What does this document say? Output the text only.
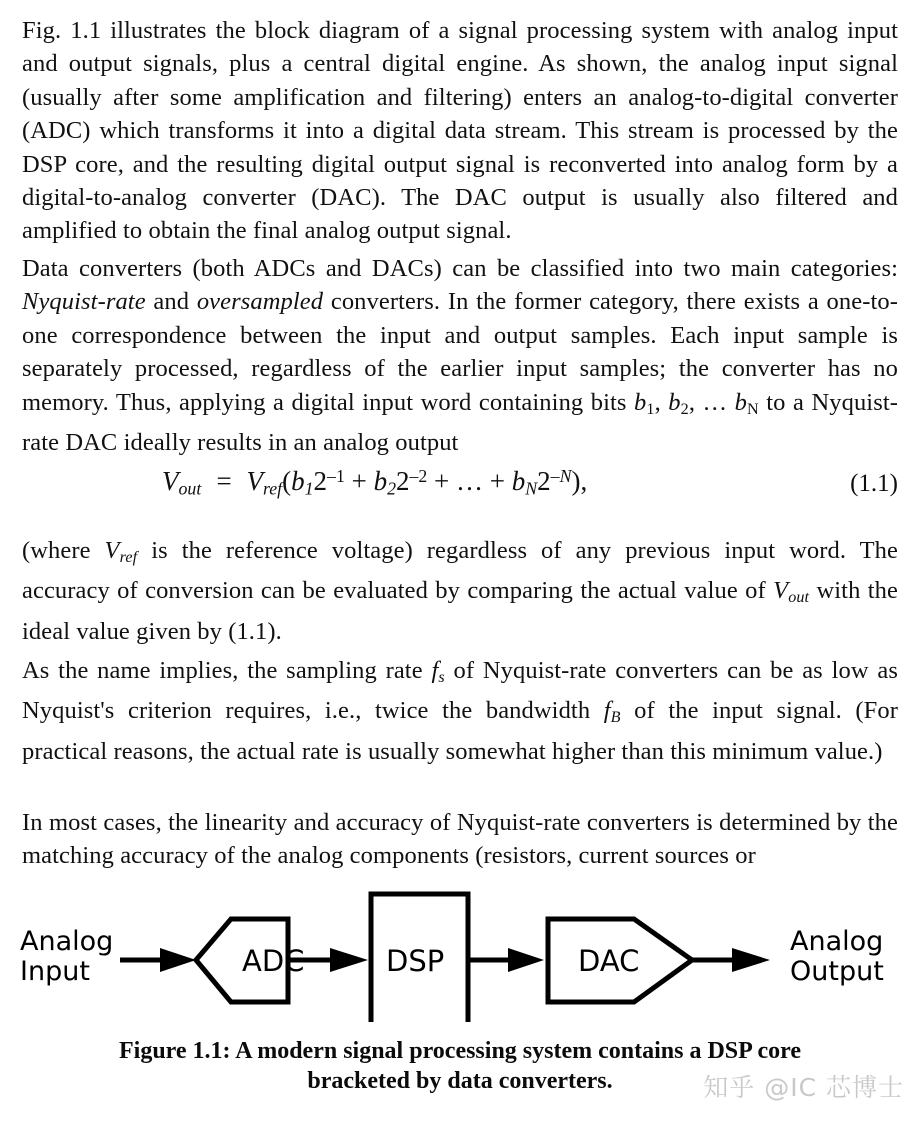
Fig. 1.1 illustrates the block diagram of a signal processing system with analog input and output signals, plus a central digital engine. As shown, the analog input signal (usually after some amplification and filtering) enters an analog-to-digital converter (ADC) which transforms it into a digital data stream. This stream is processed by the DSP core, and the resulting digital output signal is reconverted into analog form by a digital-to-analog converter (DAC). The DAC output is usually also filtered and amplified to obtain the final analog output signal.

Data converters (both ADCs and DACs) can be classified into two main categories: Nyquist-rate and oversampled converters. In the former category, there exists a one-to-one correspondence between the input and output samples. Each input sample is separately processed, regardless of the earlier input samples; the converter has no memory. Thus, applying a digital input word containing bits $b_1$, $b_2$, … $b_N$ to a Nyquist-rate DAC ideally results in an analog output

$V_{out} = V_{ref}(b_12^{-1} + b_22^{-2}$ + … + $b_N2^{-N}$),	(1.1)

(where $V_{ref}$ is the reference voltage) regardless of any previous input word. The accuracy of conversion can be evaluated by comparing the actual value of $V_{out}$ with the ideal value given by (1.1).

As the name implies, the sampling rate $f_s$ of Nyquist-rate converters can be as low as Nyquist's criterion requires, i.e., twice the bandwidth $f_B$ of the input signal. (For practical reasons, the actual rate is usually somewhat higher than this minimum value.)

In most cases, the linearity and accuracy of Nyquist-rate converters is determined by the matching accuracy of the analog components (resistors, current sources or

Analog
Input	ADC	DSP	DAC
Analog
Output
Figure 1.1: A modern signal processing system contains a DSP core
bracketed by data converters.	知乎 @IC 芯博士
